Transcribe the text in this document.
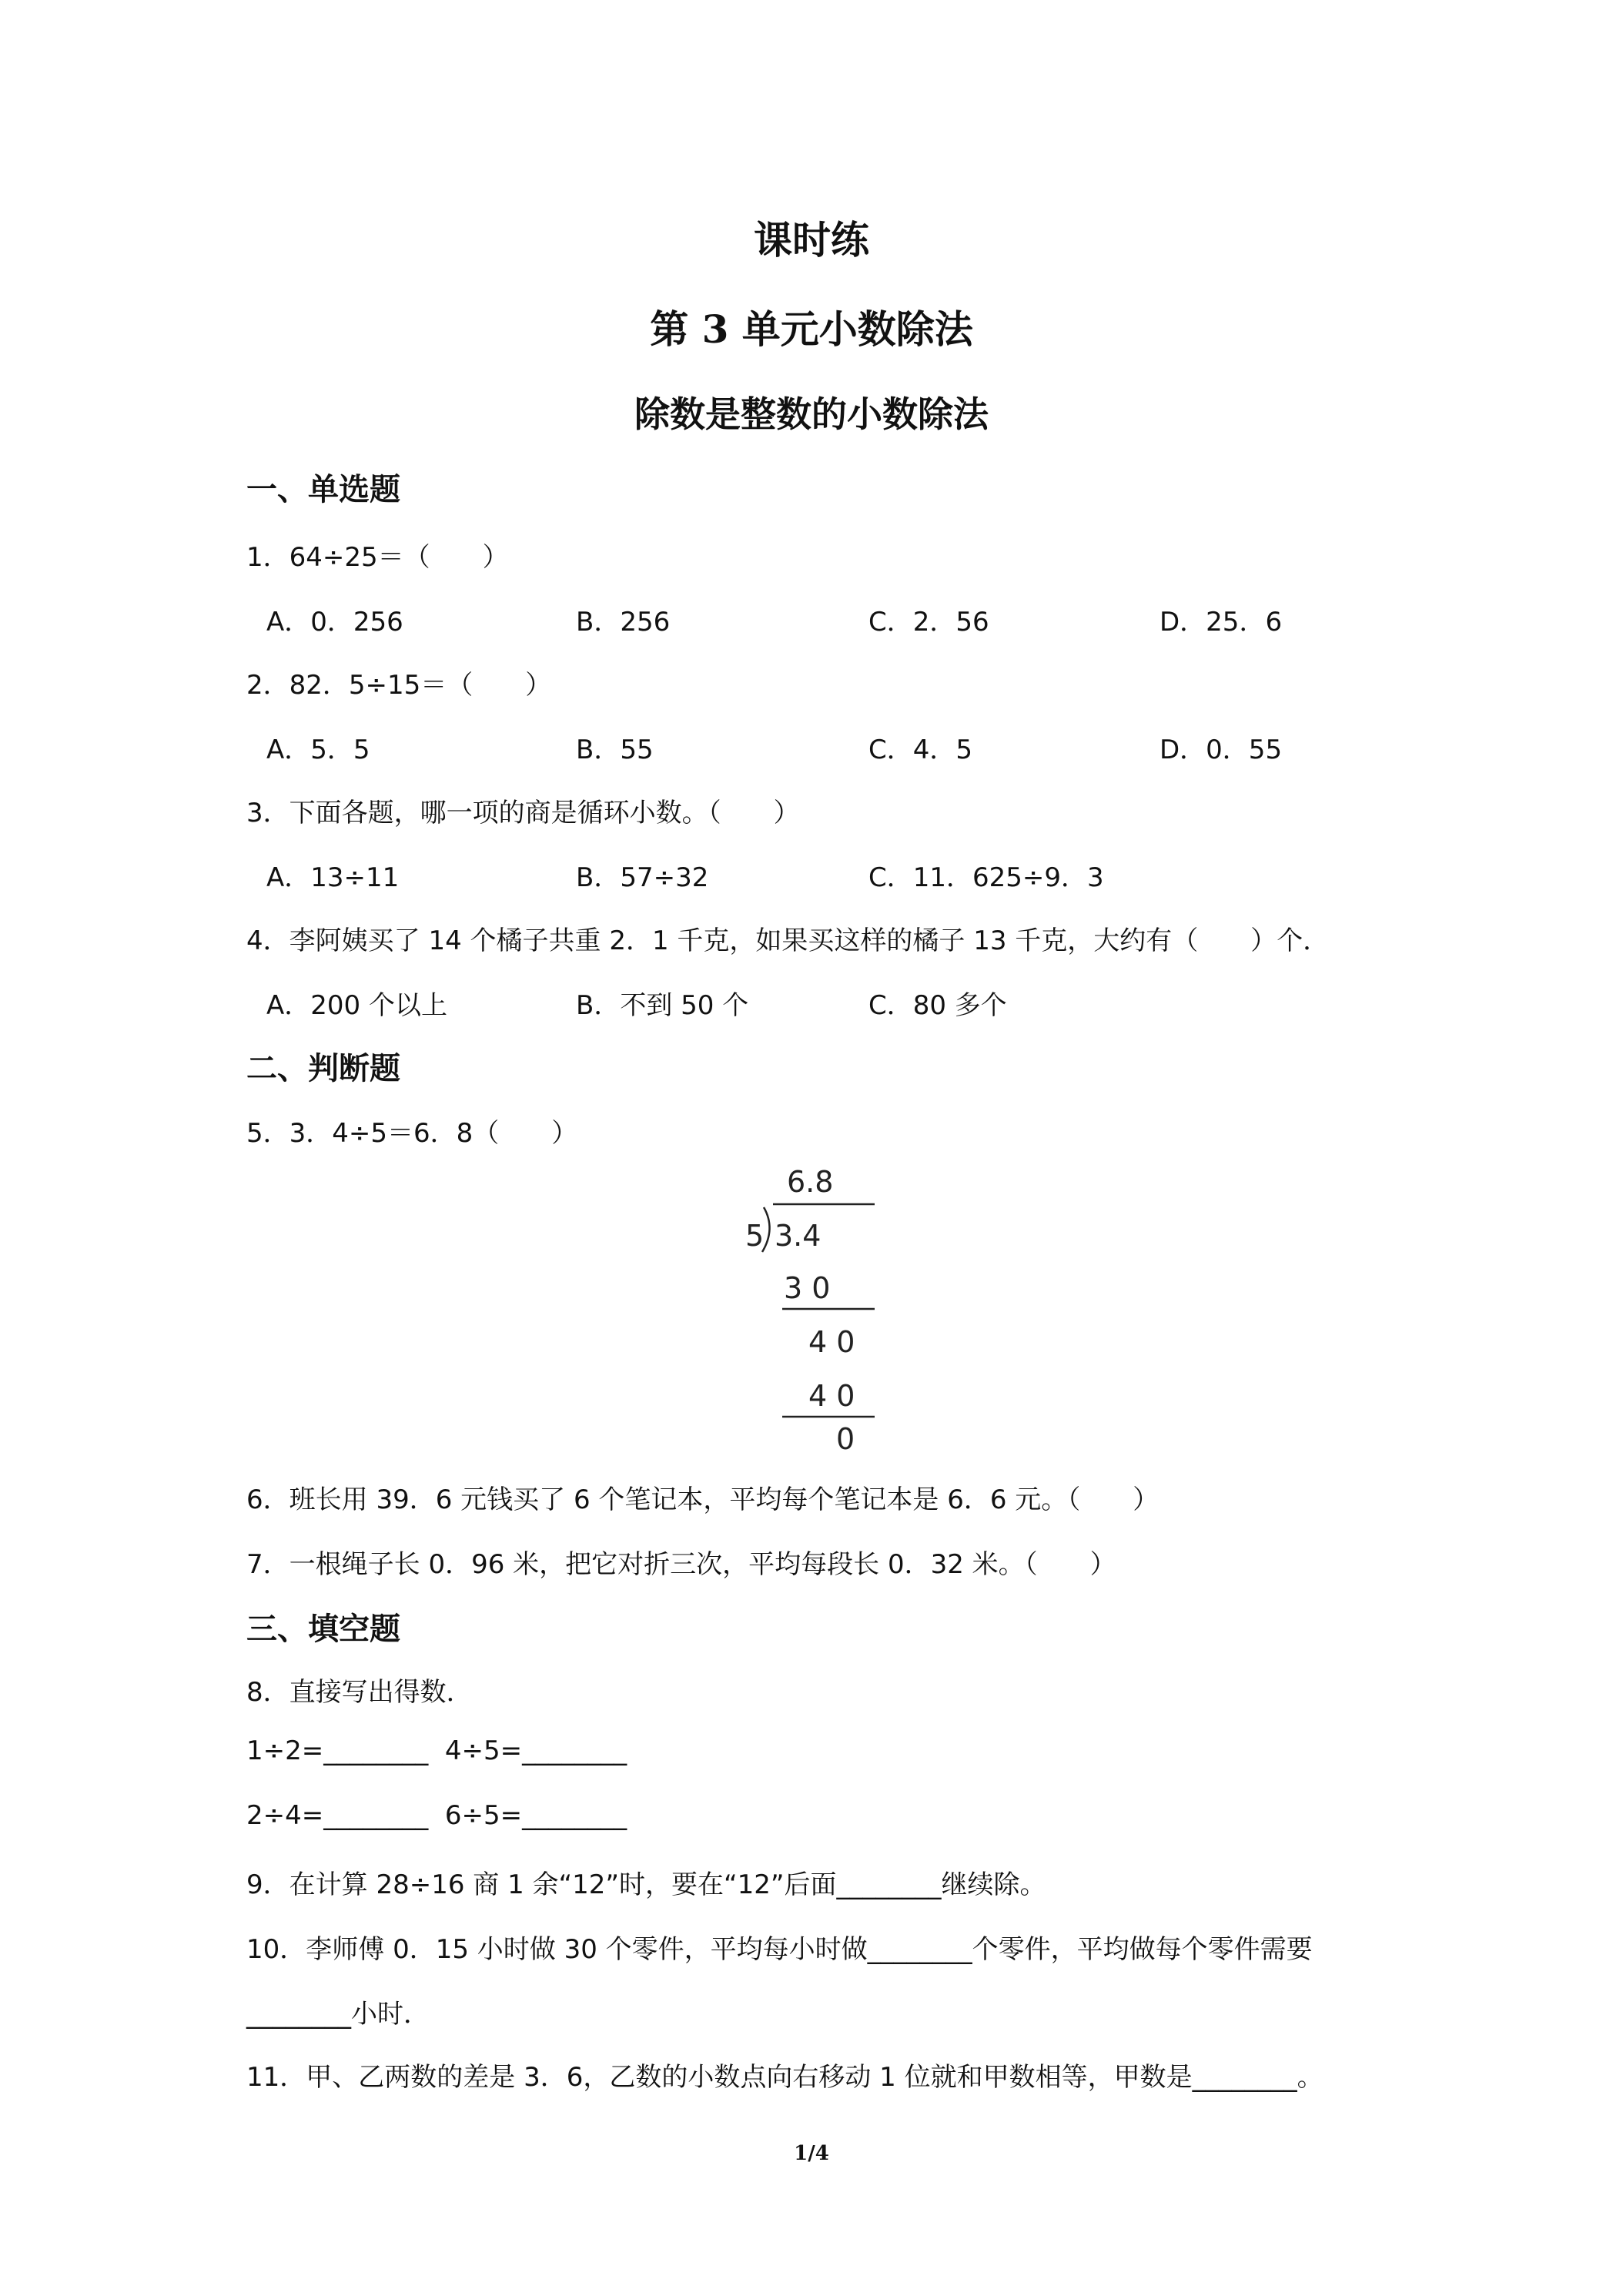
课时练
第 3 单元小数除法
除数是整数的小数除法
一、单选题
1．64÷25＝（　　）
A．0．256	B．256	C．2．56	D．25．6
2．82．5÷15＝（　　）
A．5．5	B．55	C．4．5	D．0．55
3．下面各题，哪一项的商是循环小数。（　　）
A．13÷11	B．57÷32	C．11．625÷9．3
4．李阿姨买了 14 个橘子共重 2．1 千克，如果买这样的橘子 13 千克，大约有（　　）个．
A．200 个以上	B．不到 50 个	C．80 多个
二、判断题
5．3．4÷5＝6．8（　　）
6.8
5 3.4
3 0
4 0
4 0
0
6．班长用 39．6 元钱买了 6 个笔记本，平均每个笔记本是 6．6 元。（　　）
7．一根绳子长 0．96 米，把它对折三次，平均每段长 0．32 米。（　　）
三、填空题
8．直接写出得数．
1÷2=________  4÷5=________
2÷4=________  6÷5=________
9．在计算 28÷16 商 1 余“12”时，要在“12”后面________继续除。
10．李师傅 0．15 小时做 30 个零件，平均每小时做________个零件，平均做每个零件需要
________小时．
11．甲、乙两数的差是 3．6，乙数的小数点向右移动 1 位就和甲数相等，甲数是________。
1/4
